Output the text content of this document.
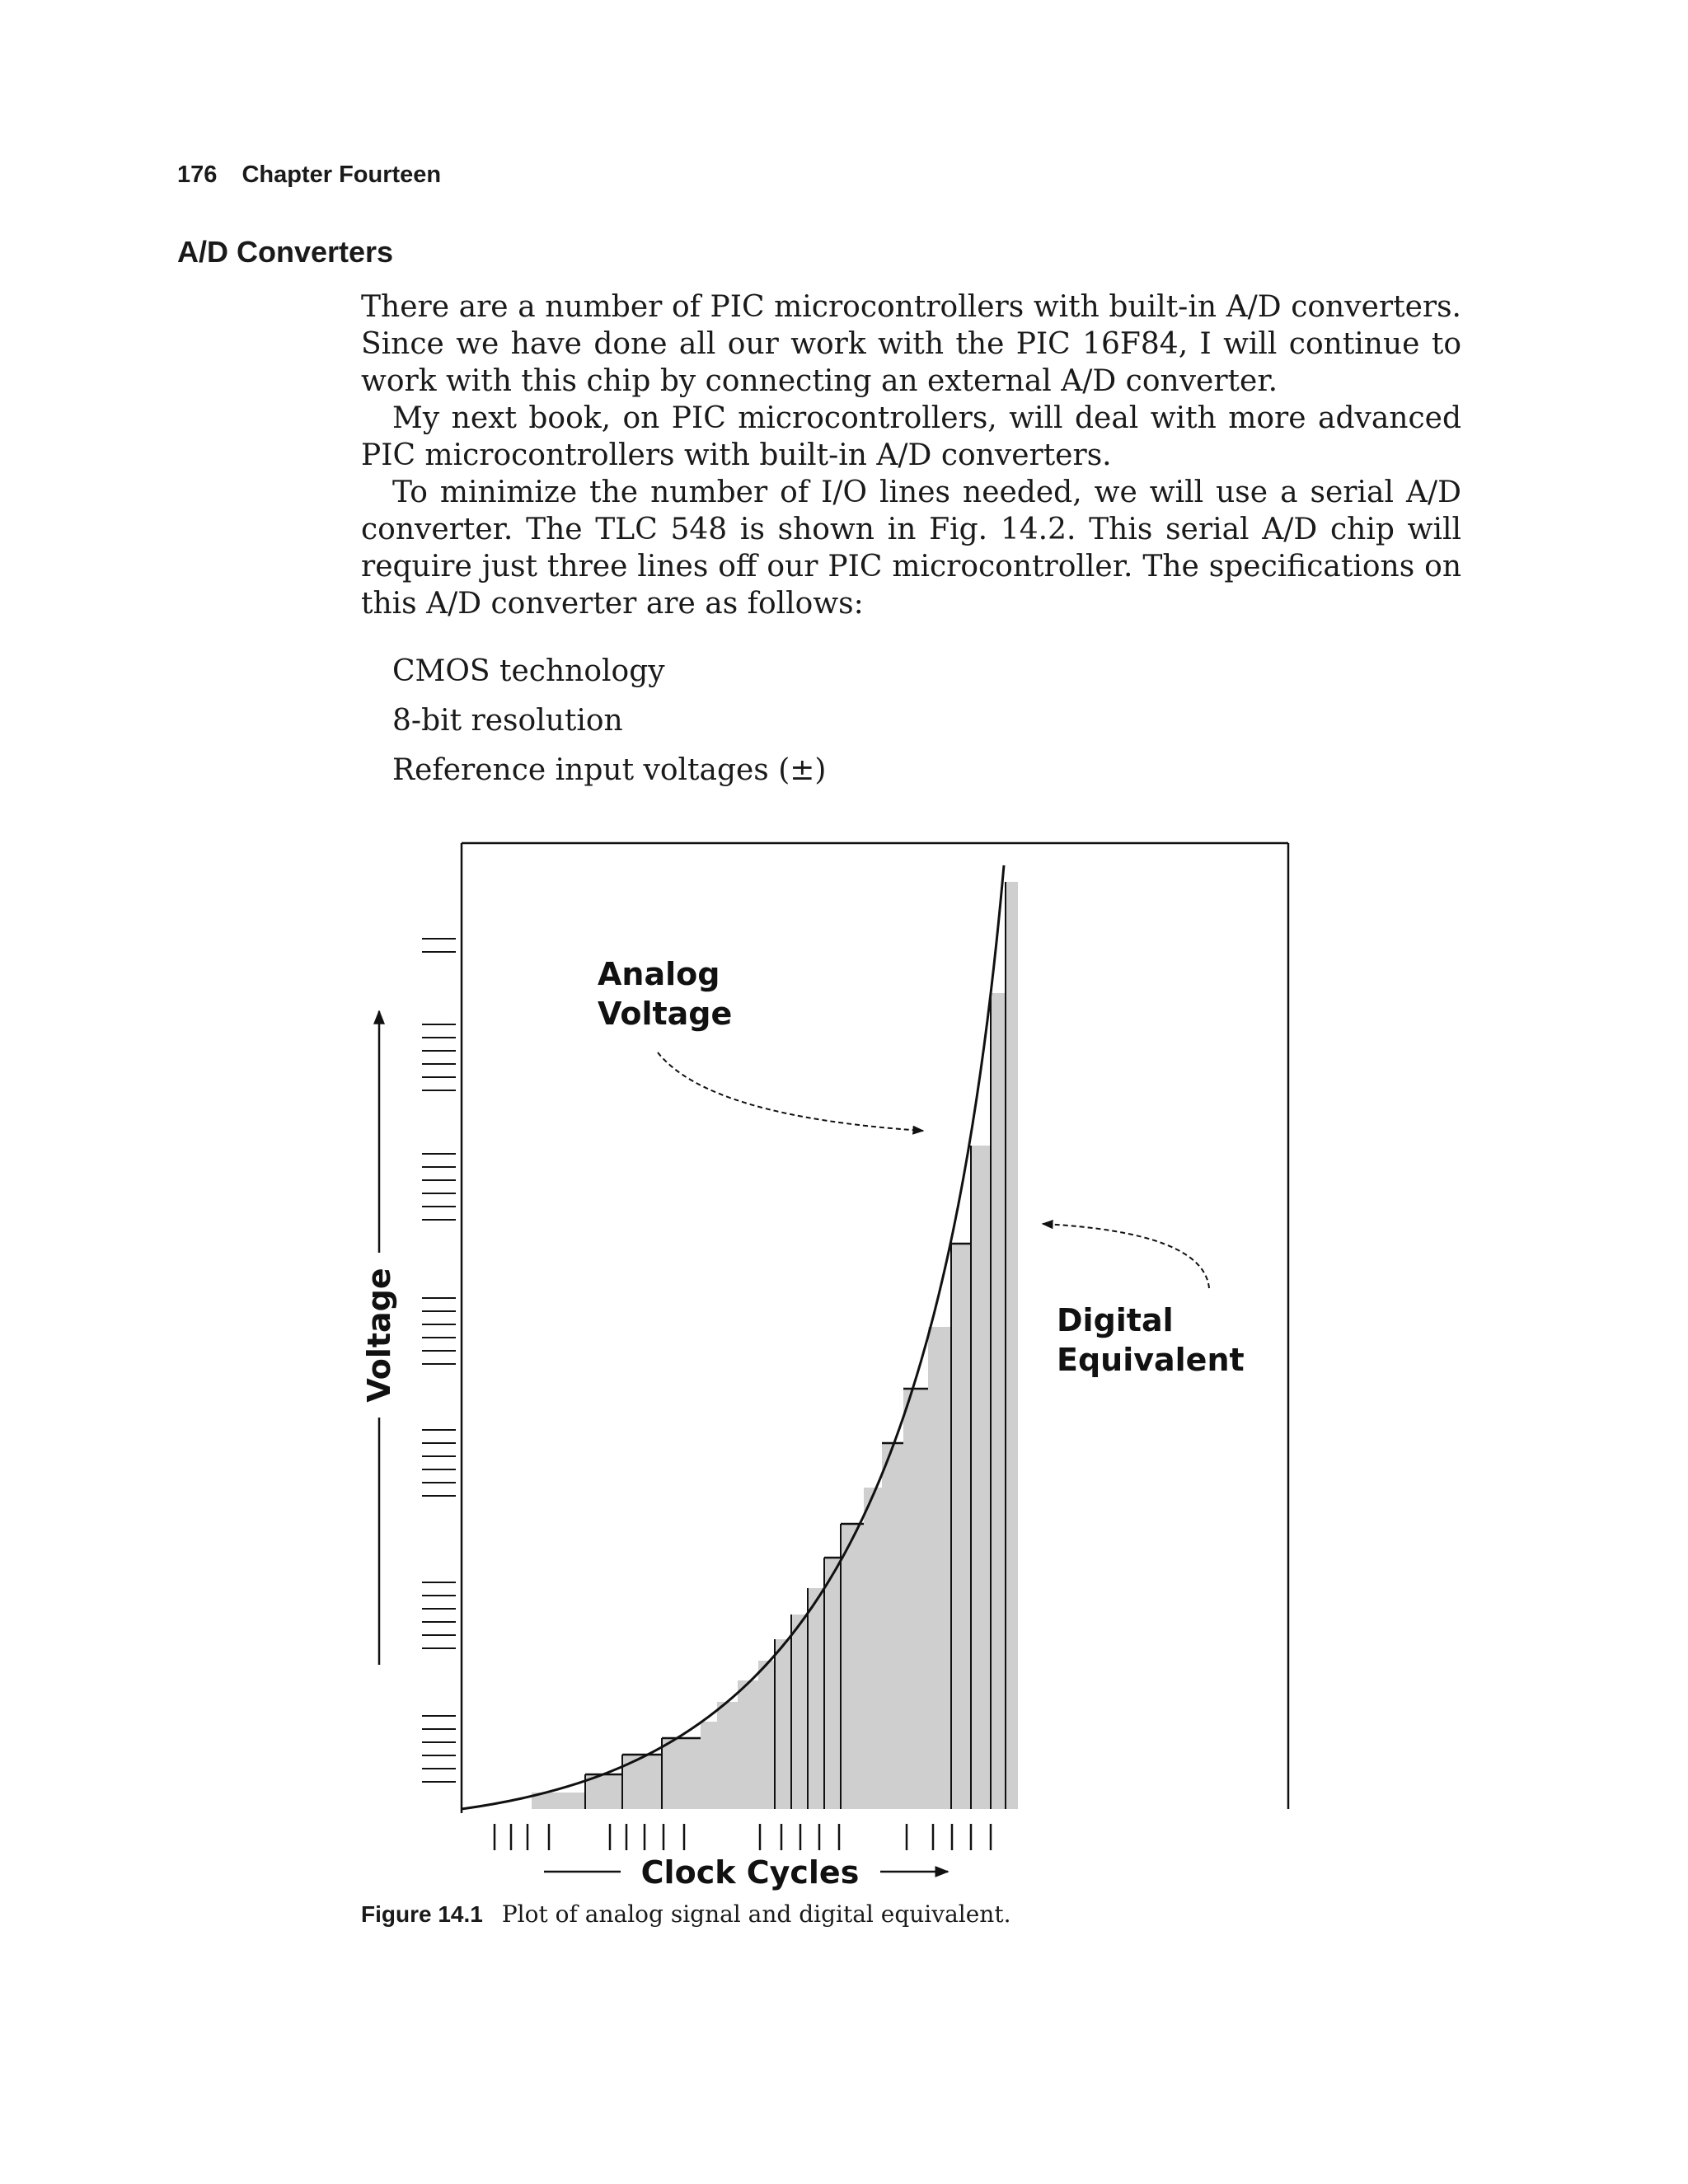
176 Chapter Fourteen
A/D Converters

There are a number of PIC microcontrollers with built-in A/D converters. Since we have done all our work with the PIC 16F84, I will continue to work with this chip by connecting an external A/D converter.

My next book, on PIC microcontrollers, will deal with more advanced PIC microcontrollers with built-in A/D converters.

To minimize the number of I/O lines needed, we will use a serial A/D converter. The TLC 548 is shown in Fig. 14.2. This serial A/D chip will require just three lines off our PIC microcontroller. The specifications on this A/D converter are as follows:

CMOS technology
8-bit resolution
Reference input voltages (±)
Voltage
Clock Cycles
Analog
Voltage
Digital
Equivalent
Figure 14.1 Plot of analog signal and digital equivalent.
